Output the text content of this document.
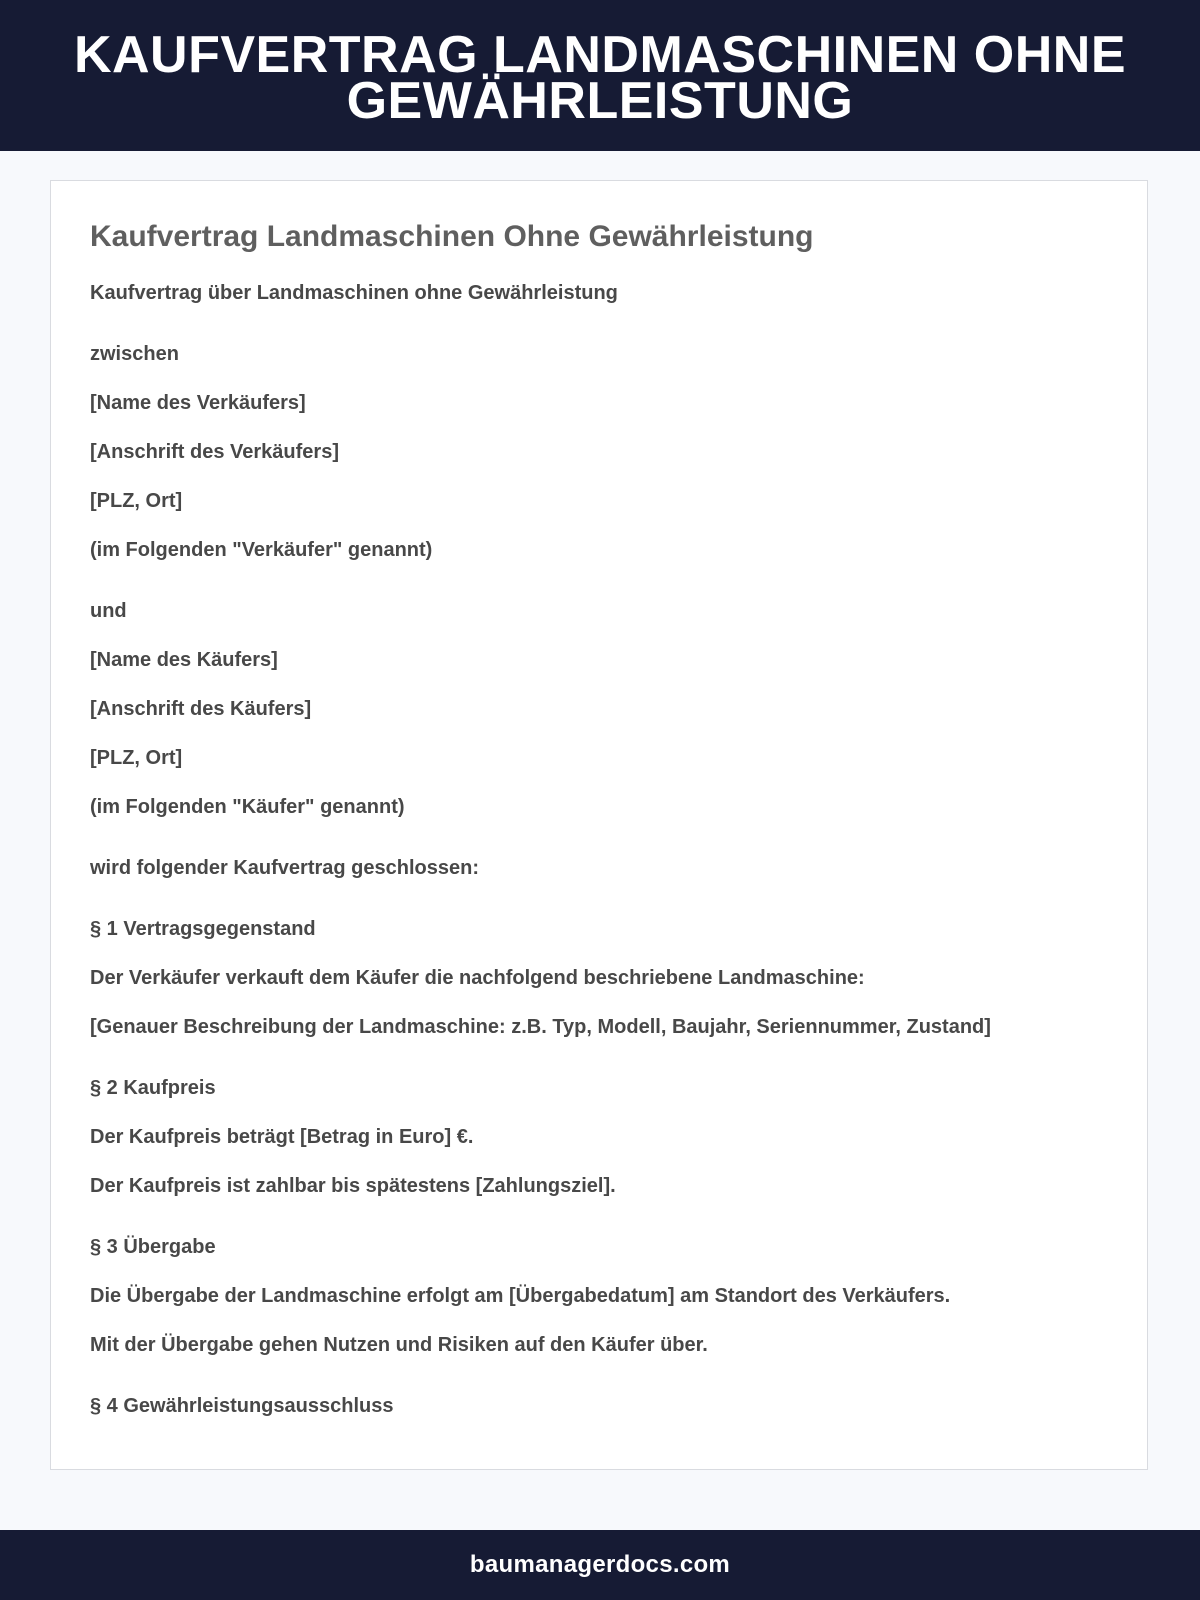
KAUFVERTRAG LANDMASCHINEN OHNE GEWÄHRLEISTUNG
Kaufvertrag Landmaschinen Ohne Gewährleistung

Kaufvertrag über Landmaschinen ohne Gewährleistung

zwischen

[Name des Verkäufers]

[Anschrift des Verkäufers]

[PLZ, Ort]

(im Folgenden "Verkäufer" genannt)

und

[Name des Käufers]

[Anschrift des Käufers]

[PLZ, Ort]

(im Folgenden "Käufer" genannt)

wird folgender Kaufvertrag geschlossen:

§ 1 Vertragsgegenstand

Der Verkäufer verkauft dem Käufer die nachfolgend beschriebene Landmaschine:

[Genauer Beschreibung der Landmaschine: z.B. Typ, Modell, Baujahr, Seriennummer, Zustand]

§ 2 Kaufpreis

Der Kaufpreis beträgt [Betrag in Euro] €.

Der Kaufpreis ist zahlbar bis spätestens [Zahlungsziel].

§ 3 Übergabe

Die Übergabe der Landmaschine erfolgt am [Übergabedatum] am Standort des Verkäufers.

Mit der Übergabe gehen Nutzen und Risiken auf den Käufer über.

§ 4 Gewährleistungsausschluss

baumanagerdocs.com
